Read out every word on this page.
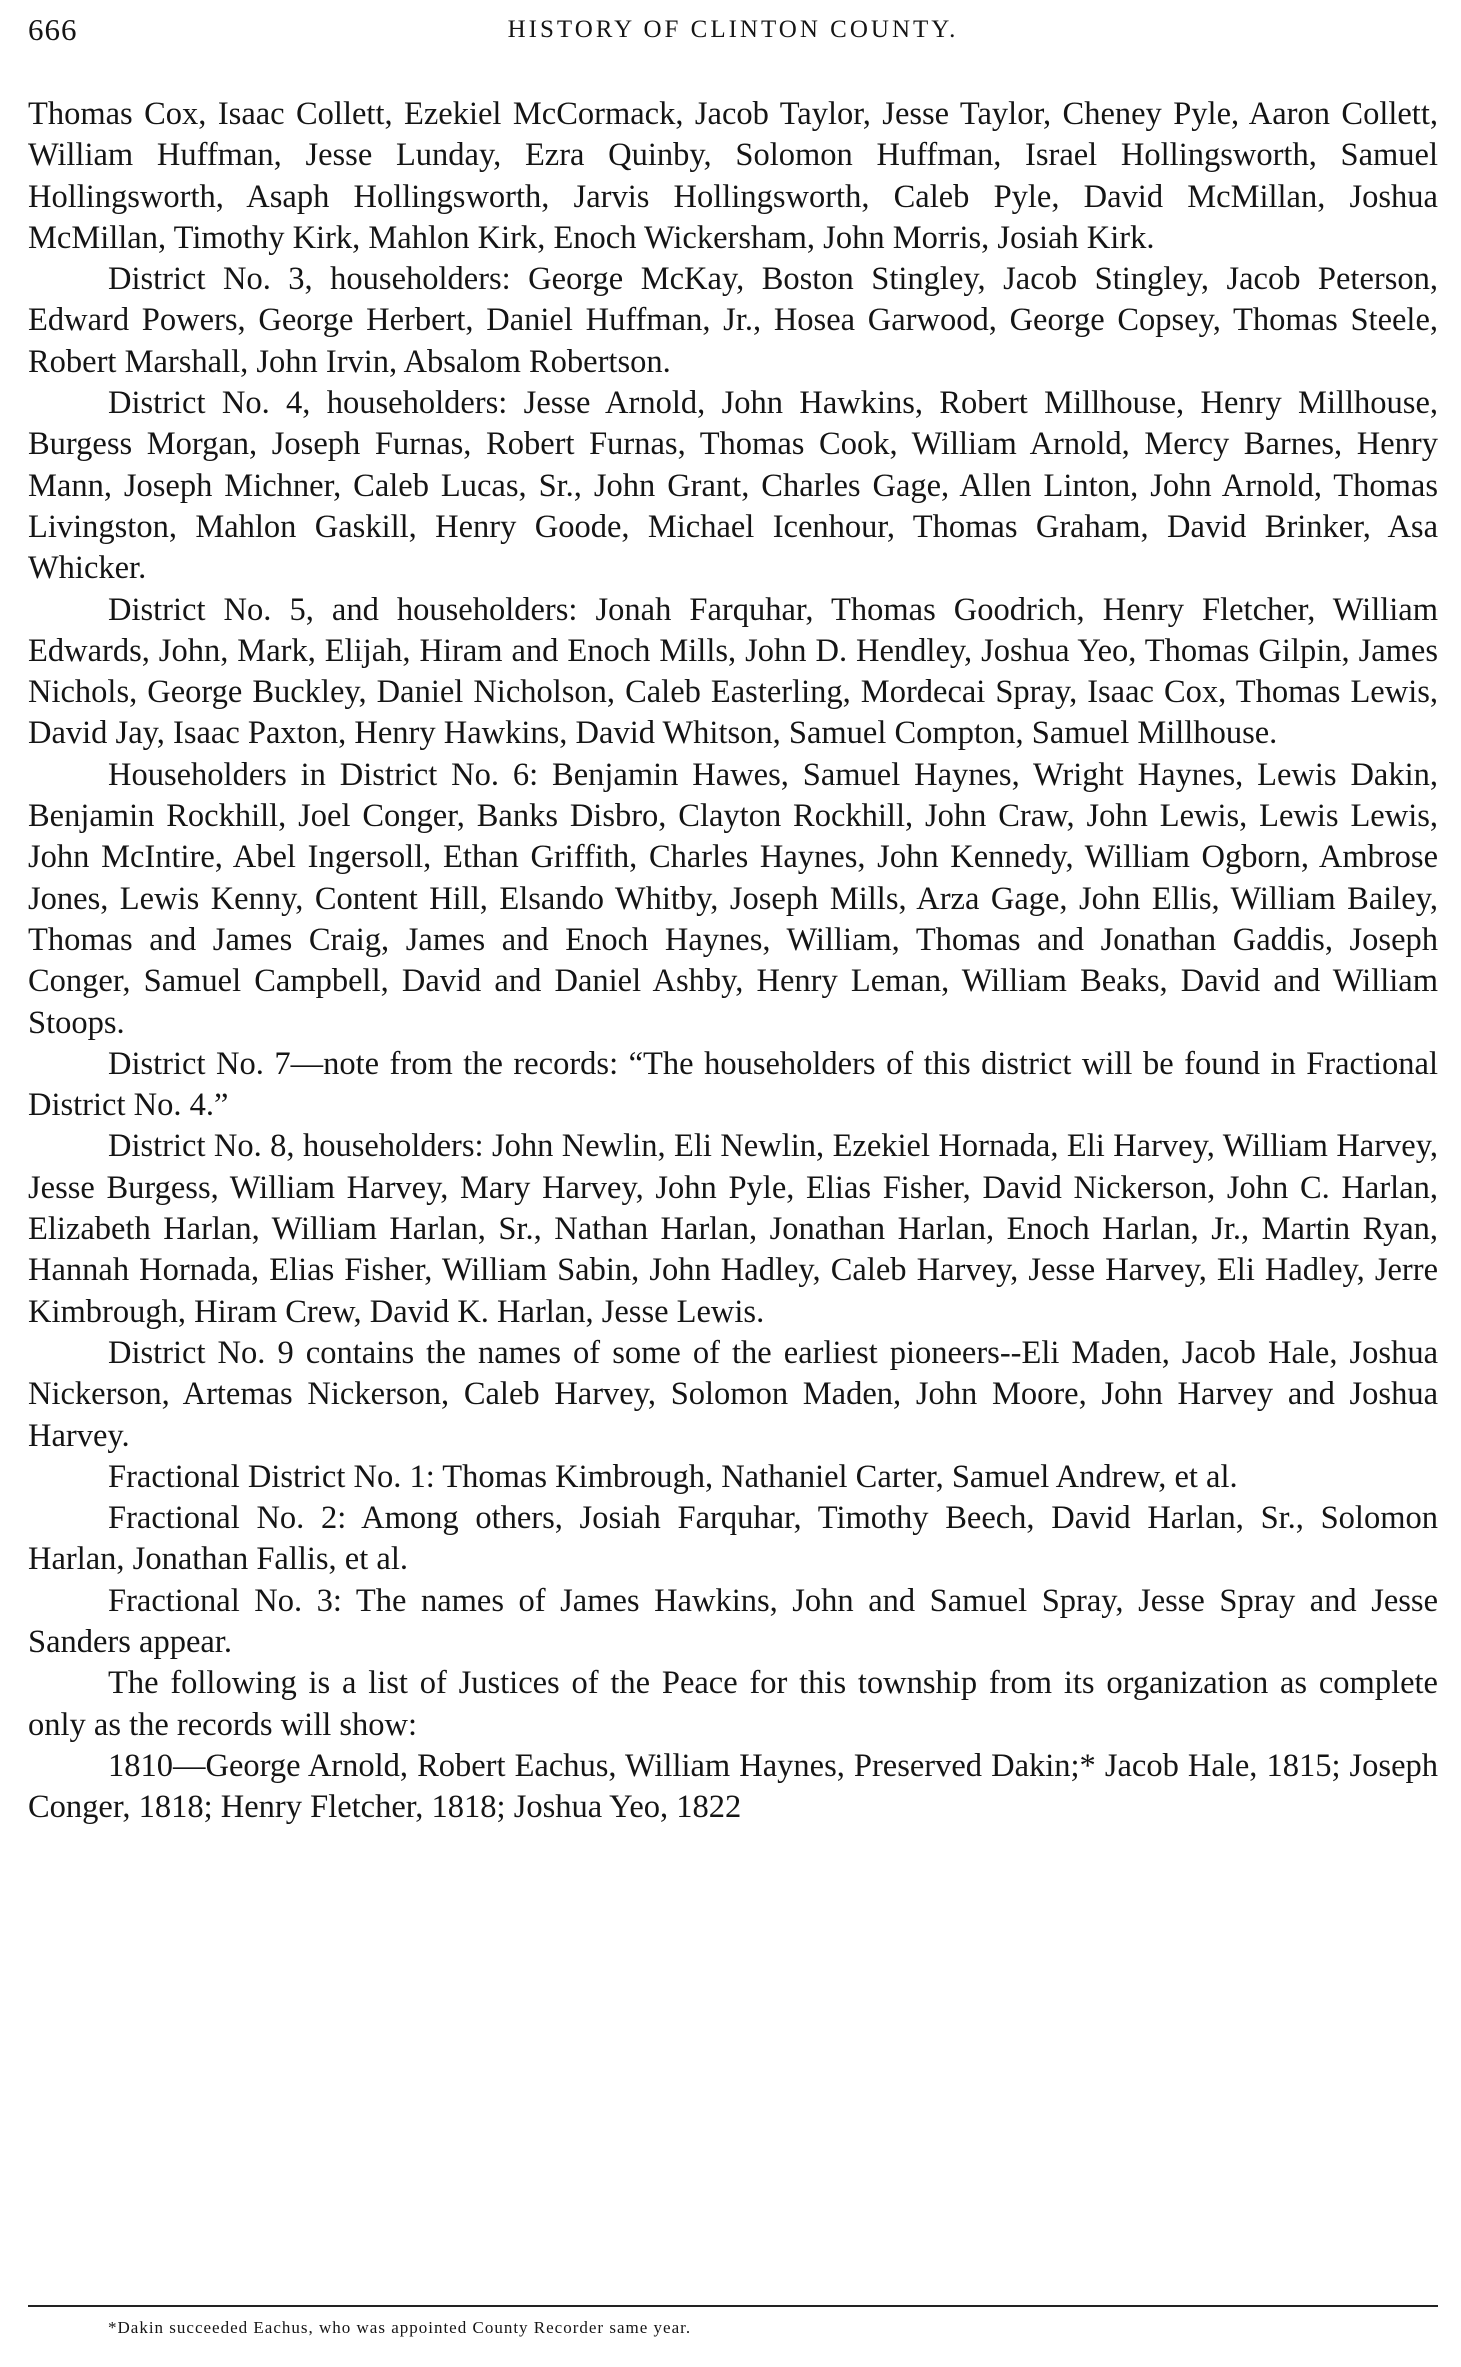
666	HISTORY OF CLINTON COUNTY.

Thomas Cox, Isaac Collett, Ezekiel McCormack, Jacob Taylor, Jesse Taylor, Cheney Pyle, Aaron Collett, William Huffman, Jesse Lunday, Ezra Quinby, Solomon Huffman, Israel Hollingsworth, Samuel Hollingsworth, Asaph Hollingsworth, Jarvis Hollingsworth, Caleb Pyle, David McMillan, Joshua McMillan, Timothy Kirk, Mahlon Kirk, Enoch Wickersham, John Morris, Josiah Kirk.

District No. 3, householders: George McKay, Boston Stingley, Jacob Stingley, Jacob Peterson, Edward Powers, George Herbert, Daniel Huffman, Jr., Hosea Garwood, George Copsey, Thomas Steele, Robert Marshall, John Irvin, Absalom Robertson.

District No. 4, householders: Jesse Arnold, John Hawkins, Robert Millhouse, Henry Millhouse, Burgess Morgan, Joseph Furnas, Robert Furnas, Thomas Cook, William Arnold, Mercy Barnes, Henry Mann, Joseph Michner, Caleb Lucas, Sr., John Grant, Charles Gage, Allen Linton, John Arnold, Thomas Livingston, Mahlon Gaskill, Henry Goode, Michael Icenhour, Thomas Graham, David Brinker, Asa Whicker.

District No. 5, and householders: Jonah Farquhar, Thomas Goodrich, Henry Fletcher, William Edwards, John, Mark, Elijah, Hiram and Enoch Mills, John D. Hendley, Joshua Yeo, Thomas Gilpin, James Nichols, George Buckley, Daniel Nicholson, Caleb Easterling, Mordecai Spray, Isaac Cox, Thomas Lewis, David Jay, Isaac Paxton, Henry Hawkins, David Whitson, Samuel Compton, Samuel Millhouse.

Householders in District No. 6: Benjamin Hawes, Samuel Haynes, Wright Haynes, Lewis Dakin, Benjamin Rockhill, Joel Conger, Banks Disbro, Clayton Rockhill, John Craw, John Lewis, Lewis Lewis, John McIntire, Abel Ingersoll, Ethan Griffith, Charles Haynes, John Kennedy, William Ogborn, Ambrose Jones, Lewis Kenny, Content Hill, Elsando Whitby, Joseph Mills, Arza Gage, John Ellis, William Bailey, Thomas and James Craig, James and Enoch Haynes, William, Thomas and Jonathan Gaddis, Joseph Conger, Samuel Campbell, David and Daniel Ashby, Henry Leman, William Beaks, David and William Stoops.

District No. 7—note from the records: “The householders of this district will be found in Fractional District No. 4.”

District No. 8, householders: John Newlin, Eli Newlin, Ezekiel Hornada, Eli Harvey, William Harvey, Jesse Burgess, William Harvey, Mary Harvey, John Pyle, Elias Fisher, David Nickerson, John C. Harlan, Elizabeth Harlan, William Harlan, Sr., Nathan Harlan, Jonathan Harlan, Enoch Harlan, Jr., Martin Ryan, Hannah Hornada, Elias Fisher, William Sabin, John Hadley, Caleb Harvey, Jesse Harvey, Eli Hadley, Jerre Kimbrough, Hiram Crew, David K. Harlan, Jesse Lewis.

District No. 9 contains the names of some of the earliest pioneers--Eli Maden, Jacob Hale, Joshua Nickerson, Artemas Nickerson, Caleb Harvey, Solomon Maden, John Moore, John Harvey and Joshua Harvey.

Fractional District No. 1: Thomas Kimbrough, Nathaniel Carter, Samuel Andrew, et al.

Fractional No. 2: Among others, Josiah Farquhar, Timothy Beech, David Harlan, Sr., Solomon Harlan, Jonathan Fallis, et al.

Fractional No. 3: The names of James Hawkins, John and Samuel Spray, Jesse Spray and Jesse Sanders appear.

The following is a list of Justices of the Peace for this township from its organization as complete only as the records will show:

1810—George Arnold, Robert Eachus, William Haynes, Preserved Dakin;* Jacob Hale, 1815; Joseph Conger, 1818; Henry Fletcher, 1818; Joshua Yeo, 1822

*Dakin succeeded Eachus, who was appointed County Recorder same year.
